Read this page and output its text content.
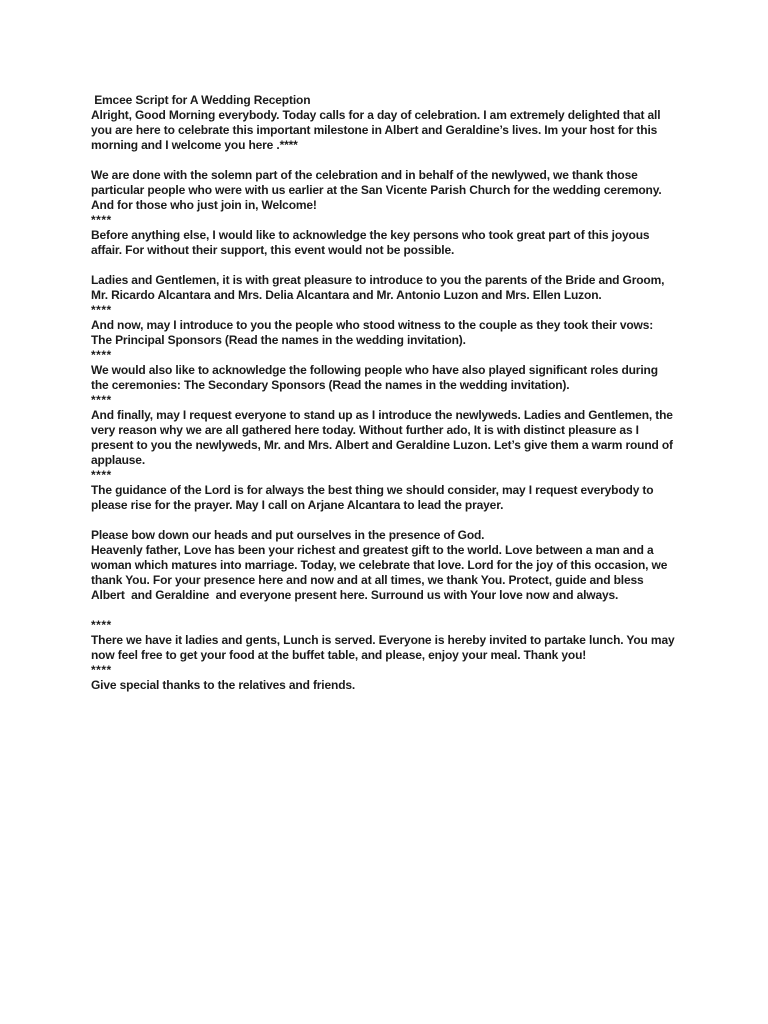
Emcee Script for A Wedding Reception

Alright, Good Morning everybody. Today calls for a day of celebration. I am extremely delighted that all you are here to celebrate this important milestone in Albert and Geraldine’s lives. Im your host for this morning and I welcome you here .****

We are done with the solemn part of the celebration and in behalf of the newlywed, we thank those particular people who were with us earlier at the San Vicente Parish Church for the wedding ceremony. And for those who just join in, Welcome!

****

Before anything else, I would like to acknowledge the key persons who took great part of this joyous affair. For without their support, this event would not be possible.

Ladies and Gentlemen, it is with great pleasure to introduce to you the parents of the Bride and Groom, Mr. Ricardo Alcantara and Mrs. Delia Alcantara and Mr. Antonio Luzon and Mrs. Ellen Luzon.

****

And now, may I introduce to you the people who stood witness to the couple as they took their vows: The Principal Sponsors (Read the names in the wedding invitation).

****

We would also like to acknowledge the following people who have also played significant roles during the ceremonies: The Secondary Sponsors (Read the names in the wedding invitation).

****

And finally, may I request everyone to stand up as I introduce the newlyweds. Ladies and Gentlemen, the very reason why we are all gathered here today. Without further ado, It is with distinct pleasure as I present to you the newlyweds, Mr. and Mrs. Albert and Geraldine Luzon. Let’s give them a warm round of applause.

****

The guidance of the Lord is for always the best thing we should consider, may I request everybody to please rise for the prayer. May I call on Arjane Alcantara to lead the prayer.

Please bow down our heads and put ourselves in the presence of God.

Heavenly father, Love has been your richest and greatest gift to the world. Love between a man and a woman which matures into marriage. Today, we celebrate that love. Lord for the joy of this occasion, we thank You. For your presence here and now and at all times, we thank You. Protect, guide and bless Albert  and Geraldine  and everyone present here. Surround us with Your love now and always.

****

There we have it ladies and gents, Lunch is served. Everyone is hereby invited to partake lunch. You may now feel free to get your food at the buffet table, and please, enjoy your meal. Thank you!

****

Give special thanks to the relatives and friends.
